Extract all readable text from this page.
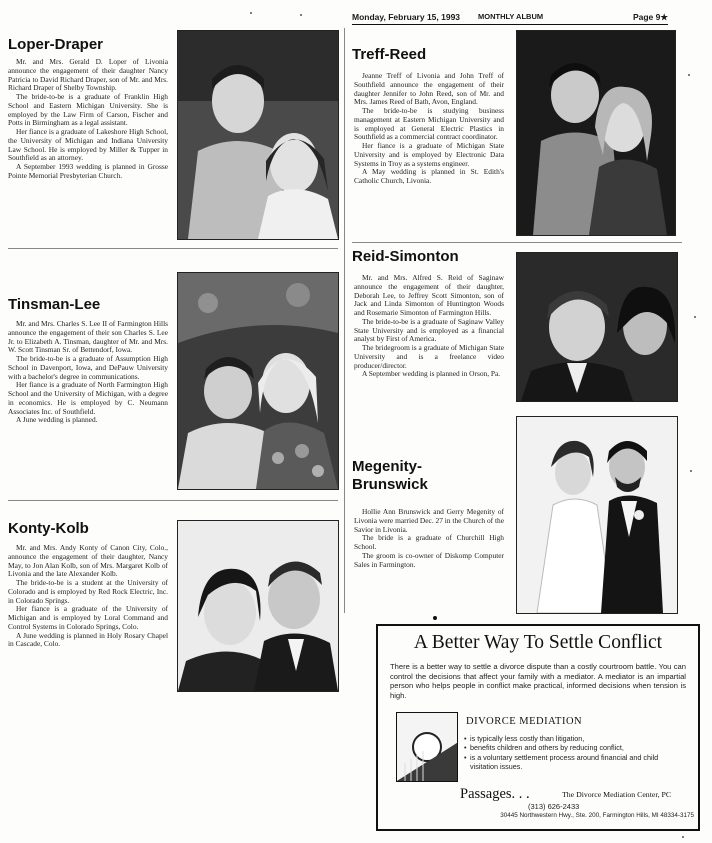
Monday, February 15, 1993 MONTHLY ALBUM	Page 9★
Loper-Draper

Mr. and Mrs. Gerald D. Loper of Livonia announce the engagement of their daughter Nancy Patricia to David Richard Draper, son of Mr. and Mrs. Richard Draper of Shelby Township.

The bride-to-be is a graduate of Franklin High School and Eastern Michigan University. She is employed by the Law Firm of Carson, Fischer and Potts in Birmingham as a legal assistant.

Her fiance is a graduate of Lakeshore High School, the University of Michigan and Indiana University Law School. He is employed by Miller & Tupper in Southfield as an attorney.

A September 1993 wedding is planned in Grosse Pointe Memorial Presbyterian Church.

Tinsman-Lee

Mr. and Mrs. Charles S. Lee II of Farmington Hills announce the engagement of their son Charles S. Lee Jr. to Elizabeth A. Tinsman, daughter of Mr. and Mrs. W. Scott Tinsman Sr. of Bettendorf, Iowa.

The bride-to-be is a graduate of Assumption High School in Davenport, Iowa, and DePauw University with a bachelor's degree in communications.

Her fiance is a graduate of North Farmington High School and the University of Michigan, with a degree in economics. He is employed by C. Neumann Associates Inc. of Southfield.

A June wedding is planned.

Konty-Kolb

Mr. and Mrs. Andy Konty of Canon City, Colo., announce the engagement of their daughter, Nancy May, to Jon Alan Kolb, son of Mrs. Margaret Kolb of Livonia and the late Alexander Kolb.

The bride-to-be is a student at the University of Colorado and is employed by Red Rock Electric, Inc. in Colorado Springs.

Her fiance is a graduate of the University of Michigan and is employed by Loral Command and Control Systems in Colorado Springs, Colo.

A June wedding is planned in Holy Rosary Chapel in Cascade, Colo.

Treff-Reed

Jeanne Treff of Livonia and John Treff of Southfield announce the engagement of their daughter Jennifer to John Reed, son of Mr. and Mrs. James Reed of Bath, Avon, England.

The bride-to-be is studying business management at Eastern Michigan University and is employed at General Electric Plastics in Southfield as a commercial contract coordinator.

Her fiance is a graduate of Michigan State University and is employed by Electronic Data Systems in Troy as a systems engineer.

A May wedding is planned in St. Edith's Catholic Church, Livonia.

Reid-Simonton

Mr. and Mrs. Alfred S. Reid of Saginaw announce the engagement of their daughter, Deborah Lee, to Jeffrey Scott Simonton, son of Jack and Linda Simonton of Huntington Woods and Rosemarie Simonton of Farmington Hills.

The bride-to-be is a graduate of Saginaw Valley State University and is employed as a financial analyst by First of America.

The bridegroom is a graduate of Michigan State University and is a freelance video producer/director.

A September wedding is planned in Orson, Pa.

Megenity-
Brunswick

Hollie Ann Brunswick and Gerry Megenity of Livonia were married Dec. 27 in the Church of the Savior in Livonia.

The bride is a graduate of Churchill High School.

The groom is co-owner of Diskomp Computer Sales in Farmington.

A Better Way To Settle Conflict
There is a better way to settle a divorce dispute than a costly courtroom battle. You can control the decisions that affect your family with a mediator. A mediator is an impartial person who helps people in conflict make practical, informed decisions when tension is high.
DIVORCE MEDIATION
• is typically less costly than litigation,
• benefits children and others by reducing conflict,
• is a voluntary settlement process around financial and child visitation issues.
Passages. . .	The Divorce Mediation Center, PC
(313) 626-2433
30445 Northwestern Hwy., Ste. 200, Farmington Hills, MI 48334-3175
